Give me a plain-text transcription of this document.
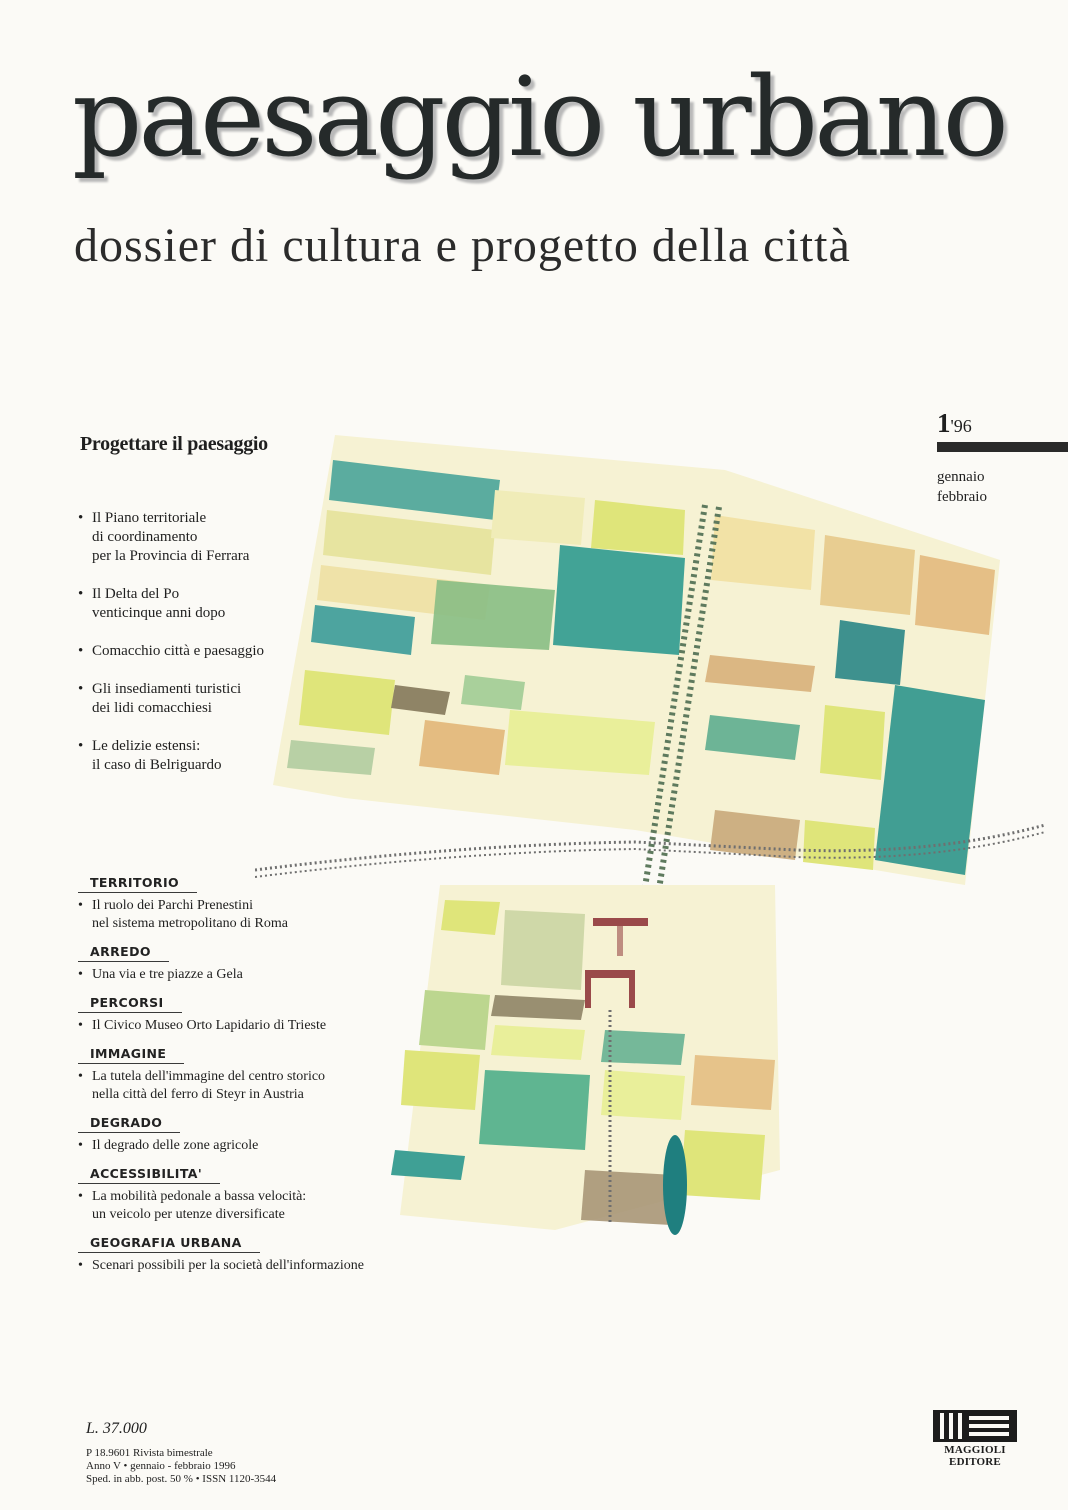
paesaggio urbano
dossier di cultura e progetto della città
1'96
gennaio
febbraio
Progettare il paesaggio
• Il Piano territoriale
di coordinamento
per la Provincia di Ferrara
• Il Delta del Po
venticinque anni dopo
• Comacchio città e paesaggio
• Gli insediamenti turistici
dei lidi comacchiesi
• Le delizie estensi:
il caso di Belriguardo
TERRITORIO
• Il ruolo dei Parchi Prenestini
nel sistema metropolitano di Roma
ARREDO
• Una via e tre piazze a Gela
PERCORSI
• Il Civico Museo Orto Lapidario di Trieste
IMMAGINE
• La tutela dell'immagine del centro storico
nella città del ferro di Steyr in Austria
DEGRADO
• Il degrado delle zone agricole
ACCESSIBILITA'
• La mobilità pedonale a bassa velocità:
un veicolo per utenze diversificate
GEOGRAFIA URBANA
• Scenari possibili per la società dell'informazione
L. 37.000
P 18.9601 Rivista bimestrale
Anno V • gennaio - febbraio 1996
Sped. in abb. post. 50 % • ISSN 1120-3544
MAGGIOLI
EDITORE
